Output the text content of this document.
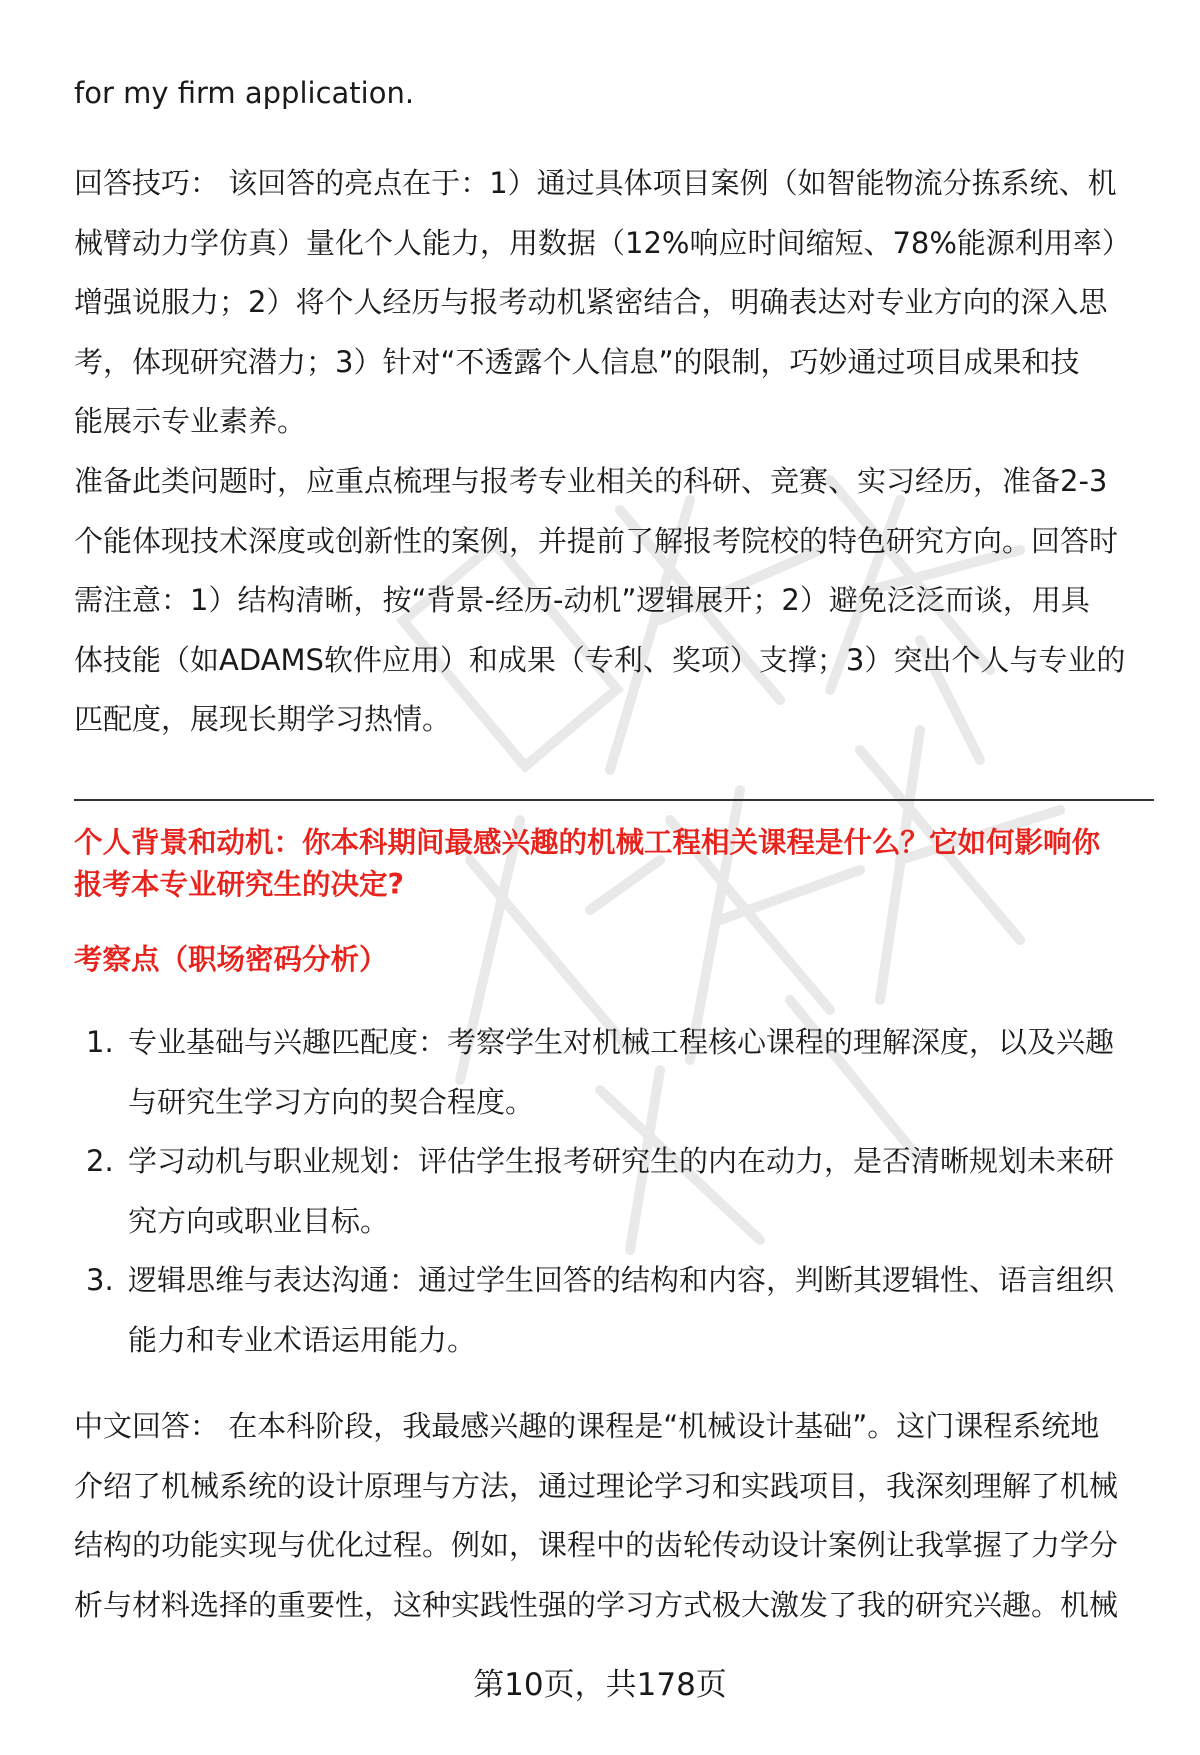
for my firm application.

回答技巧： 该回答的亮点在于：1）通过具体项目案例（如智能物流分拣系统、机

械臂动力学仿真）量化个人能力，用数据（12%响应时间缩短、78%能源利用率）

增强说服力；2）将个人经历与报考动机紧密结合，明确表达对专业方向的深入思

考，体现研究潜力；3）针对“不透露个人信息”的限制，巧妙通过项目成果和技

能展示专业素养。

准备此类问题时，应重点梳理与报考专业相关的科研、竞赛、实习经历，准备2-3

个能体现技术深度或创新性的案例，并提前了解报考院校的特色研究方向。回答时

需注意：1）结构清晰，按“背景-经历-动机”逻辑展开；2）避免泛泛而谈，用具

体技能（如ADAMS软件应用）和成果（专利、奖项）支撑；3）突出个人与专业的

匹配度，展现长期学习热情。

个人背景和动机：你本科期间最感兴趣的机械工程相关课程是什么？它如何影响你
报考本专业研究生的决定?
考察点（职场密码分析）
1. 专业基础与兴趣匹配度：考察学生对机械工程核心课程的理解深度，以及兴趣
与研究生学习方向的契合程度。
2. 学习动机与职业规划：评估学生报考研究生的内在动力，是否清晰规划未来研
究方向或职业目标。
3. 逻辑思维与表达沟通：通过学生回答的结构和内容，判断其逻辑性、语言组织
能力和专业术语运用能力。

中文回答： 在本科阶段，我最感兴趣的课程是“机械设计基础”。这门课程系统地

介绍了机械系统的设计原理与方法，通过理论学习和实践项目，我深刻理解了机械

结构的功能实现与优化过程。例如，课程中的齿轮传动设计案例让我掌握了力学分

析与材料选择的重要性，这种实践性强的学习方式极大激发了我的研究兴趣。机械

第10页，共178页
